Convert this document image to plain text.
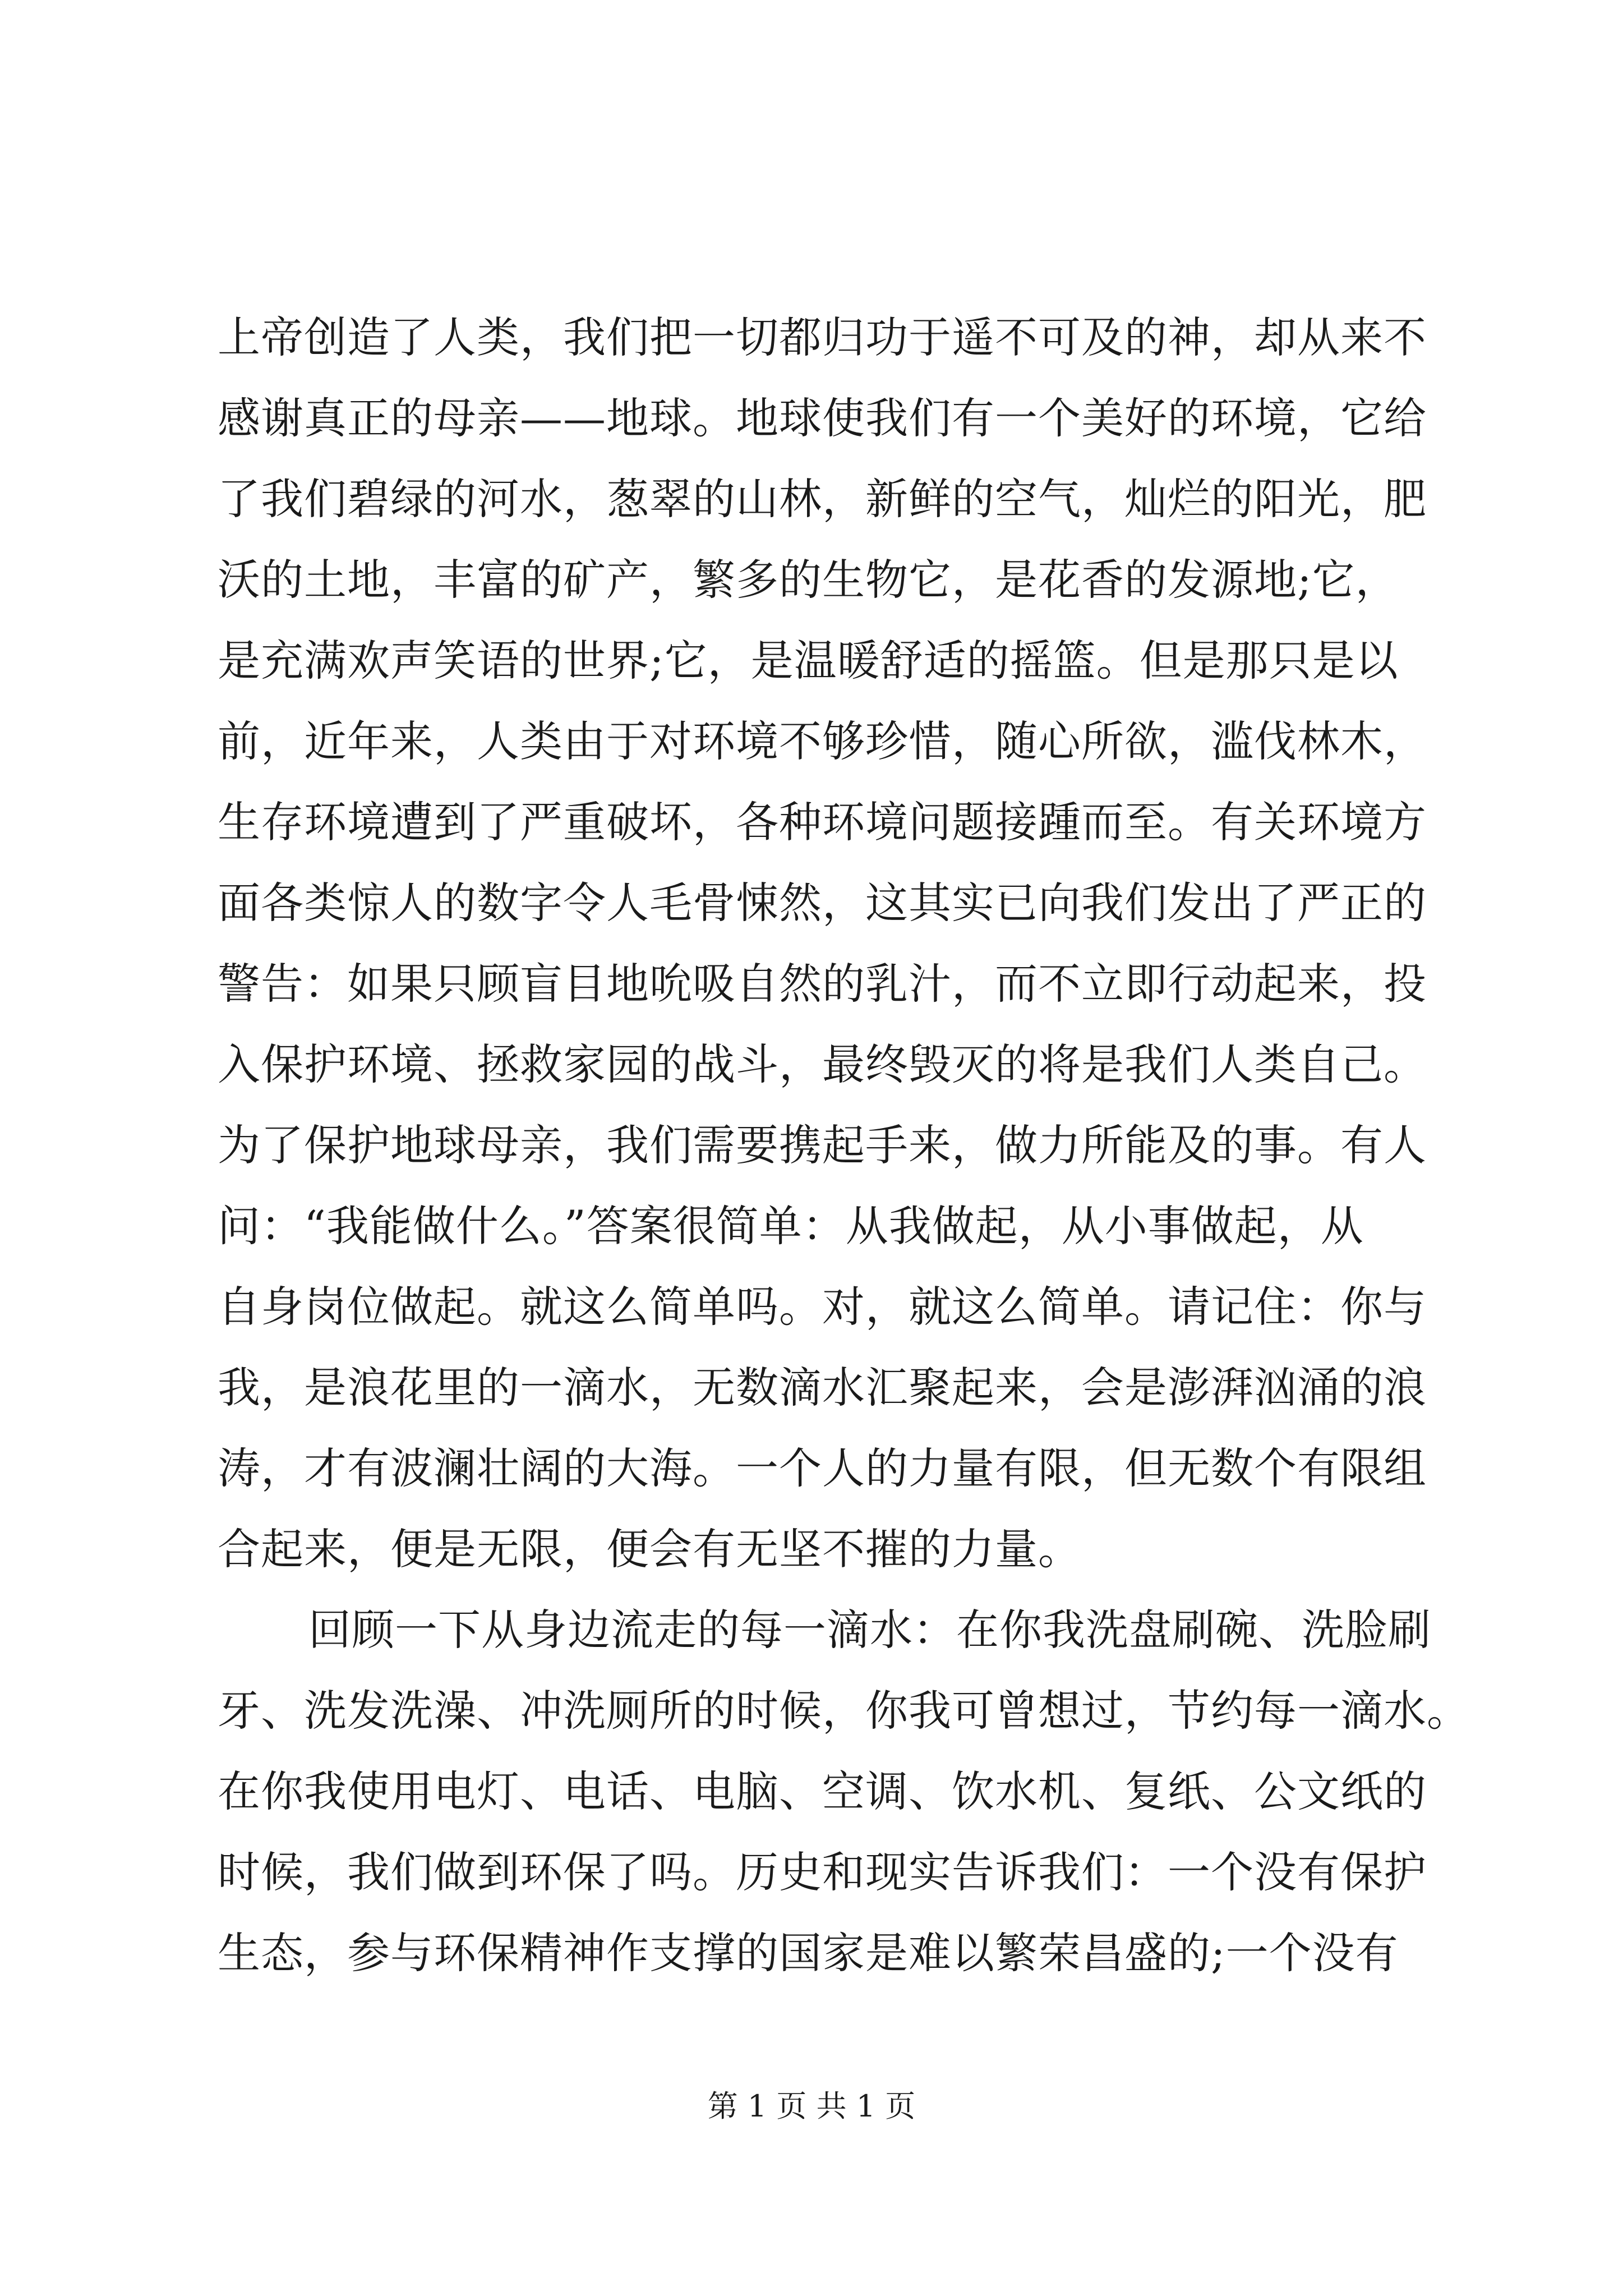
上帝创造了人类，我们把一切都归功于遥不可及的神，却从来不
感谢真正的母亲——地球。地球使我们有一个美好的环境，它给
了我们碧绿的河水，葱翠的山林，新鲜的空气，灿烂的阳光，肥
沃的土地，丰富的矿产，繁多的生物它，是花香的发源地;它，
是充满欢声笑语的世界;它，是温暖舒适的摇篮。但是那只是以
前，近年来，人类由于对环境不够珍惜，随心所欲，滥伐林木，
生存环境遭到了严重破坏，各种环境问题接踵而至。有关环境方
面各类惊人的数字令人毛骨悚然，这其实已向我们发出了严正的
警告：如果只顾盲目地吮吸自然的乳汁，而不立即行动起来，投
入保护环境、拯救家园的战斗，最终毁灭的将是我们人类自己。
为了保护地球母亲，我们需要携起手来，做力所能及的事。有人
问：“我能做什么。”答案很简单：从我做起，从小事做起，从
自身岗位做起。就这么简单吗。对，就这么简单。请记住：你与
我，是浪花里的一滴水，无数滴水汇聚起来，会是澎湃汹涌的浪
涛，才有波澜壮阔的大海。一个人的力量有限，但无数个有限组
合起来，便是无限，便会有无坚不摧的力量。
回顾一下从身边流走的每一滴水：在你我洗盘刷碗、洗脸刷
牙、洗发洗澡、冲洗厕所的时候，你我可曾想过，节约每一滴水。
在你我使用电灯、电话、电脑、空调、饮水机、复纸、公文纸的
时候，我们做到环保了吗。历史和现实告诉我们：一个没有保护
生态，参与环保精神作支撑的国家是难以繁荣昌盛的;一个没有
第 1 页 共 1 页
